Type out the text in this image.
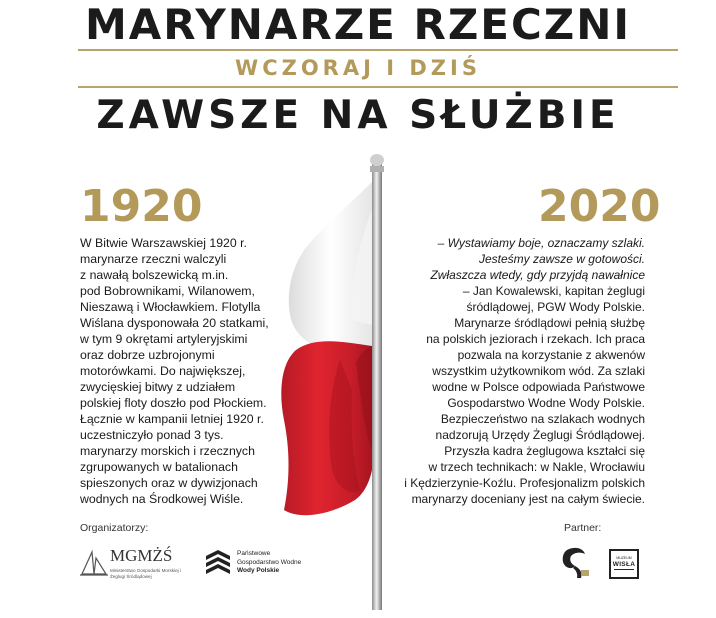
MARYNARZE RZECZNI
WCZORAJ I DZIŚ
ZAWSZE NA SŁUŻBIE
1920	2020
W Bitwie Warszawskiej 1920 r.
marynarze rzeczni walczyli
z nawałą bolszewicką m.in.
pod Bobrownikami, Wilanowem,
Nieszawą i Włocławkiem. Flotylla
Wiślana dysponowała 20 statkami,
w tym 9 okrętami artyleryjskimi
oraz dobrze uzbrojonymi
motorówkami. Do największej,
zwycięskiej bitwy z udziałem
polskiej floty doszło pod Płockiem.
Łącznie w kampanii letniej 1920 r.
uczestniczyło ponad 3 tys.
marynarzy morskich i rzecznych
zgrupowanych w batalionach
spieszonych oraz w dywizjonach
wodnych na Środkowej Wiśle.

– Wystawiamy boje, oznaczamy szlaki.

Jesteśmy zawsze w gotowości.

Zwłaszcza wtedy, gdy przyjdą nawałnice

– Jan Kowalewski, kapitan żeglugi

śródlądowej, PGW Wody Polskie.

Marynarze śródlądowi pełnią służbę

na polskich jeziorach i rzekach. Ich praca

pozwala na korzystanie z akwenów

wszystkim użytkownikom wód. Za szlaki

wodne w Polsce odpowiada Państwowe

Gospodarstwo Wodne Wody Polskie.

Bezpieczeństwo na szlakach wodnych

nadzorują Urzędy Żeglugi Śródlądowej.

Przyszła kadra żeglugowa kształci się

w trzech technikach: w Nakle, Wrocławiu

i Kędzierzynie-Koźlu. Profesjonalizm polskich

marynarzy doceniany jest na całym świecie.

Organizatorzy:	Partner:
MGMŻŚ
Ministerstwo Gospodarki Morskiej i Żeglugi Śródlądowej
Państwowe
Gospodarstwo Wodne
Wody Polskie
MUZEUM
WISŁA
